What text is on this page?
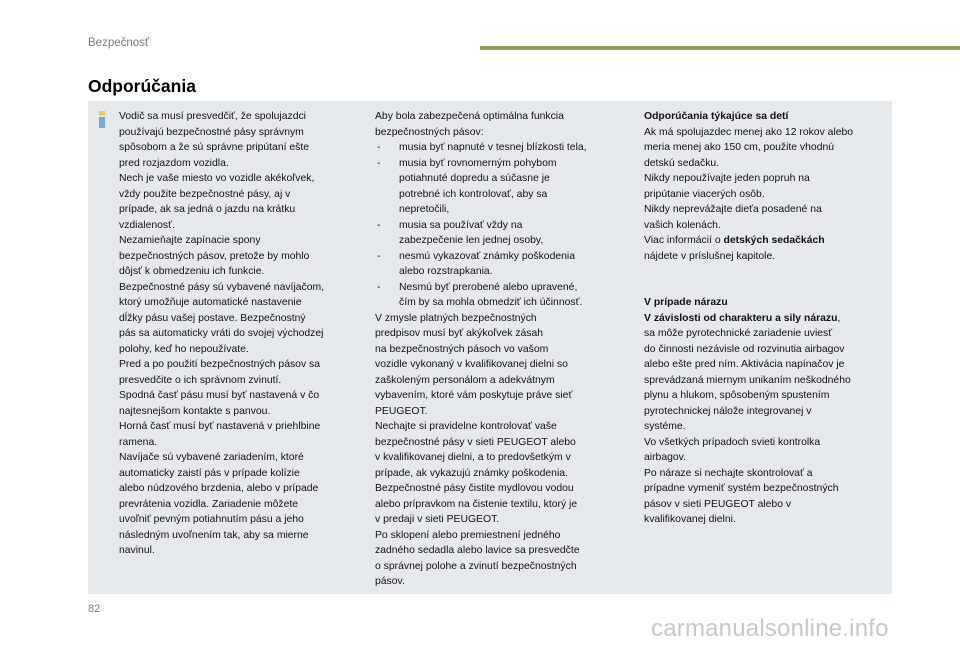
Bezpečnosť
Odporúčania

Vodič sa musí presvedčiť, že spolujazdci

používajú bezpečnostné pásy správnym

spôsobom a že sú správne pripútaní ešte

pred rozjazdom vozidla.

Nech je vaše miesto vo vozidle akékoľvek,

vždy použite bezpečnostné pásy, aj v

prípade, ak sa jedná o jazdu na krátku

vzdialenosť.

Nezamieňajte zapínacie spony

bezpečnostných pásov, pretože by mohlo

dôjsť k obmedzeniu ich funkcie.

Bezpečnostné pásy sú vybavené navíjačom,

ktorý umožňuje automatické nastavenie

dĺžky pásu vašej postave. Bezpečnostný

pás sa automaticky vráti do svojej východzej

polohy, keď ho nepoužívate.

Pred a po použití bezpečnostných pásov sa

presvedčite o ich správnom zvinutí.

Spodná časť pásu musí byť nastavená v čo

najtesnejšom kontakte s panvou.

Horná časť musí byť nastavená v priehlbine

ramena.

Navíjače sú vybavené zariadením, ktoré

automaticky zaistí pás v prípade kolízie

alebo núdzového brzdenia, alebo v prípade

prevrátenia vozidla. Zariadenie môžete

uvoľniť pevným potiahnutím pásu a jeho

následným uvoľnením tak, aby sa mierne

navinul.

Aby bola zabezpečená optimálna funkcia

bezpečnostných pásov:

- musia byť napnuté v tesnej blízkosti tela,

- musia byť rovnomerným pohybom

potiahnuté dopredu a súčasne je

potrebné ich kontrolovať, aby sa

nepretočili,

- musia sa používať vždy na

zabezpečenie len jednej osoby,

- nesmú vykazovať známky poškodenia

alebo rozstrapkania.

- Nesmú byť prerobené alebo upravené,

čím by sa mohla obmedziť ich účinnosť.

V zmysle platných bezpečnostných

predpisov musí byť akýkoľvek zásah

na bezpečnostných pásoch vo vašom

vozidle vykonaný v kvalifikovanej dielni so

zaškoleným personálom a adekvátnym

vybavením, ktoré vám poskytuje práve sieť

PEUGEOT.

Nechajte si pravidelne kontrolovať vaše

bezpečnostné pásy v sieti PEUGEOT alebo

v kvalifikovanej dielni, a to predovšetkým v

prípade, ak vykazujú známky poškodenia.

Bezpečnostné pásy čistite mydlovou vodou

alebo prípravkom na čistenie textilu, ktorý je

v predaji v sieti PEUGEOT.

Po sklopení alebo premiestnení jedného

zadného sedadla alebo lavice sa presvedčte

o správnej polohe a zvinutí bezpečnostných

pásov.

Odporúčania týkajúce sa detí

Ak má spolujazdec menej ako 12 rokov alebo

meria menej ako 150 cm, použite vhodnú

detskú sedačku.

Nikdy nepoužívajte jeden popruh na

pripútanie viacerých osôb.

Nikdy neprevážajte dieťa posadené na

vašich kolenách.

Viac informácií o detských sedačkách

nájdete v príslušnej kapitole.

V prípade nárazu

V závislosti od charakteru a sily nárazu,

sa môže pyrotechnické zariadenie uviesť

do činnosti nezávisle od rozvinutia airbagov

alebo ešte pred ním. Aktivácia napínačov je

sprevádzaná miernym unikaním neškodného

plynu a hlukom, spôsobeným spustením

pyrotechnickej nálože integrovanej v

systéme.

Vo všetkých prípadoch svieti kontrolka

airbagov.

Po náraze si nechajte skontrolovať a

prípadne vymeniť systém bezpečnostných

pásov v sieti PEUGEOT alebo v

kvalifikovanej dielni.

82
carmanualsonline.info
